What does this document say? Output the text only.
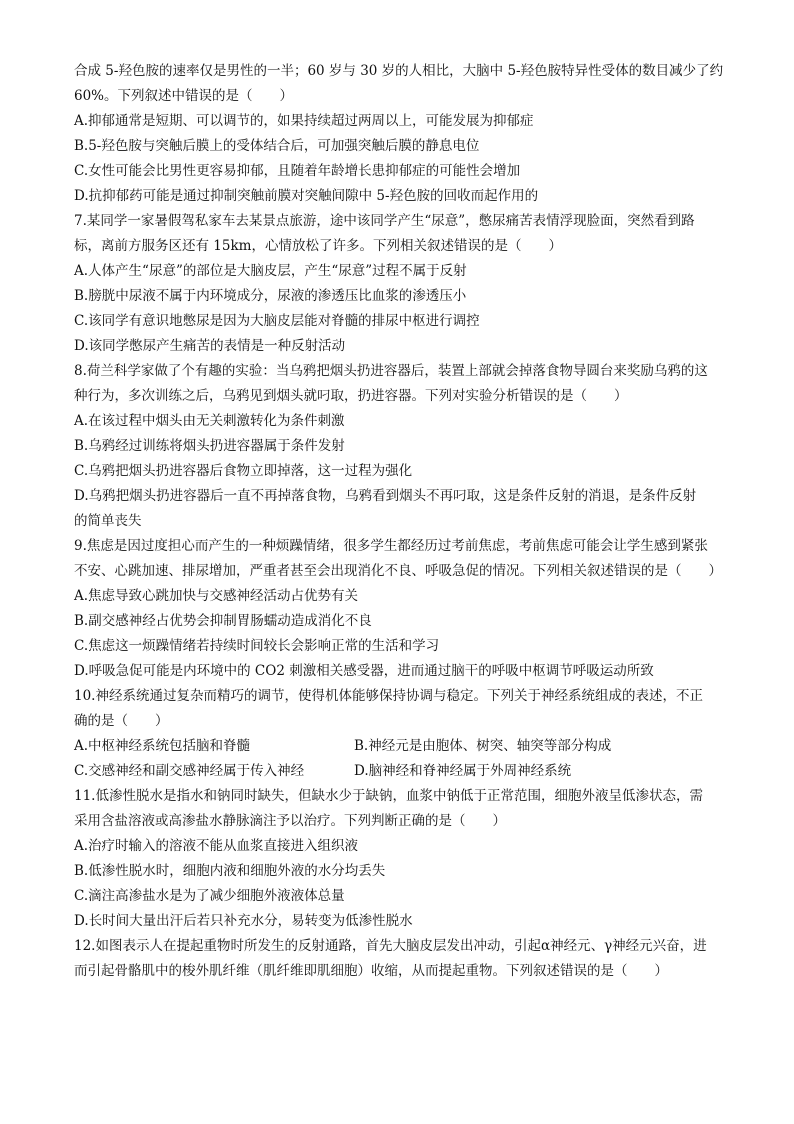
合成 5-羟色胺的速率仅是男性的一半；60 岁与 30 岁的人相比，大脑中 5-羟色胺特异性受体的数目减少了约
60%。下列叙述中错误的是（　　）
A.抑郁通常是短期、可以调节的，如果持续超过两周以上，可能发展为抑郁症
B.5-羟色胺与突触后膜上的受体结合后，可加强突触后膜的静息电位
C.女性可能会比男性更容易抑郁，且随着年龄增长患抑郁症的可能性会增加
D.抗抑郁药可能是通过抑制突触前膜对突触间隙中 5-羟色胺的回收而起作用的
7.某同学一家暑假驾私家车去某景点旅游，途中该同学产生“尿意”，憋尿痛苦表情浮现脸面，突然看到路
标，离前方服务区还有 15km，心情放松了许多。下列相关叙述错误的是（　　）
A.人体产生“尿意”的部位是大脑皮层，产生“尿意”过程不属于反射
B.膀胱中尿液不属于内环境成分，尿液的渗透压比血浆的渗透压小
C.该同学有意识地憋尿是因为大脑皮层能对脊髓的排尿中枢进行调控
D.该同学憋尿产生痛苦的表情是一种反射活动
8.荷兰科学家做了个有趣的实验：当乌鸦把烟头扔进容器后，装置上部就会掉落食物导圆台来奖励乌鸦的这
种行为，多次训练之后，乌鸦见到烟头就叼取，扔进容器。下列对实验分析错误的是（　　）
A.在该过程中烟头由无关刺激转化为条件刺激
B.乌鸦经过训练将烟头扔进容器属于条件发射
C.乌鸦把烟头扔进容器后食物立即掉落，这一过程为强化
D.乌鸦把烟头扔进容器后一直不再掉落食物，乌鸦看到烟头不再叼取，这是条件反射的消退，是条件反射
的简单丧失
9.焦虑是因过度担心而产生的一种烦躁情绪，很多学生都经历过考前焦虑，考前焦虑可能会让学生感到紧张
不安、心跳加速、排尿增加，严重者甚至会出现消化不良、呼吸急促的情况。下列相关叙述错误的是（　　）
A.焦虑导致心跳加快与交感神经活动占优势有关
B.副交感神经占优势会抑制胃肠蠕动造成消化不良
C.焦虑这一烦躁情绪若持续时间较长会影响正常的生活和学习
D.呼吸急促可能是内环境中的 CO2 刺激相关感受器，进而通过脑干的呼吸中枢调节呼吸运动所致
10.神经系统通过复杂而精巧的调节，使得机体能够保持协调与稳定。下列关于神经系统组成的表述，不正
确的是（　　）
A.中枢神经系统包括脑和脊髓	B.神经元是由胞体、树突、轴突等部分构成
C.交感神经和副交感神经属于传入神经	D.脑神经和脊神经属于外周神经系统
11.低渗性脱水是指水和钠同时缺失，但缺水少于缺钠，血浆中钠低于正常范围，细胞外液呈低渗状态，需
采用含盐溶液或高渗盐水静脉滴注予以治疗。下列判断正确的是（　　）
A.治疗时输入的溶液不能从血浆直接进入组织液
B.低渗性脱水时，细胞内液和细胞外液的水分均丢失
C.滴注高渗盐水是为了减少细胞外液液体总量
D.长时间大量出汗后若只补充水分，易转变为低渗性脱水
12.如图表示人在提起重物时所发生的反射通路，首先大脑皮层发出冲动，引起α神经元、γ神经元兴奋，进
而引起骨骼肌中的梭外肌纤维（肌纤维即肌细胞）收缩，从而提起重物。下列叙述错误的是（　　）
